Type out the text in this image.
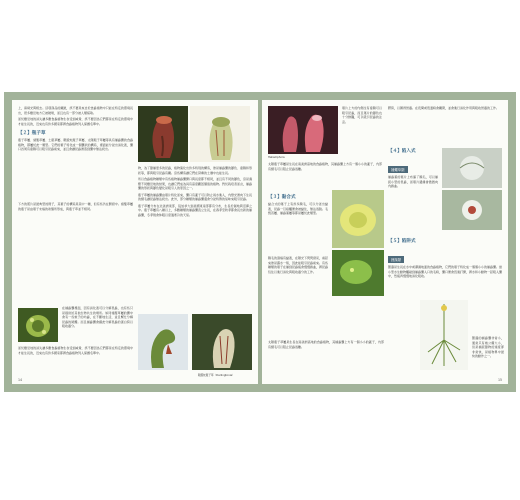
上，兩時光與相去。這項商品的藏匿，該不要是來自於食蟲植物中只能在特定的環境長出，很多棲息地方它被破壞，而且也有一部分被人類採取。

而於棲息地的消失讓多數食蟲植物生存受到威脅，該不要因為它們都是在特定的環境中才能生長的，近來也有許多國家都將食蟲植物列入保護名單中。

【２】瓶子草

瓶子草屬、豬籠草屬、土瓶草屬、眼鏡蛇瓶子草屬、太陽瓶子草屬等具有捕蟲囊的食蟲植物，都屬於此一類型。它們的葉子特化成一個囊狀的構造，裡面能分泌出消化液，囊口四周有蜜腺可以吸引昆蟲前來，並且會讓昆蟲滑落到囊中無法爬出。

下方的照片是最典型的例子，其葉子的構造是其中一種，但有些仍在開發中。豬籠草屬的瓶子是由葉子末端的卷鬚所形成，與瓶子草並不相同。

在捕蟲囊裡面，因有消化液可以分解昆蟲，也有些只是提供給其他生物共生的場所。如同豬籠草屬的囊中會有一些蚊子的幼蟲，在不斷地生活，並且幫忙分解昆蟲的屍體。而且捕蟲囊會藉此分解昆蟲的蛋白質以吸收養分。

而於棲息地的消失讓多數食蟲植物生存受到威脅，該不要因為它們都是在特定的環境中才能生長的，近來也有許多國家都將食蟲植物列入保護名單中。

物，為了獵捕更多的昆蟲，植物演化出許多特別的構造，像是捕蟲囊的顏色、蜜腺和形狀等，都與吸引昆蟲有關。這些構造讓它們在貧瘠的土壤中也能生長。

所以食蟲植物種類中有些植物捕蟲囊開口與長度都不相同，並且有不同的顏色，這是適應不同棲息地的結果，也讓它們成為具有高度觀賞價值的植物。對於栽培者而言，捕蟲囊的形狀與顏色變化是吸引人的原因之一。

瓶子草屬的捕蟲囊由葉片特化而來，囊口有蓋子可以防止雨水進入，內壁光滑向下生長的細毛讓昆蟲無法爬出。此外，部分種類的捕蟲囊還會分泌特殊的氣味來吸引昆蟲。

瓶子草屬分布在北美洲東部，從加拿大到美國東南部都有分布，生長於濕地與沼澤之中。瓶子草屬有八種以上，多數種類的捕蟲囊直立生長，在春季至秋季都會長出新的捕蟲囊，冬季則會休眠以度過寒冷的天氣。

眼鏡蛇瓶子草（Darlingtonia）
14
Heliamphora

葉片上方的內側生有蜜腺可以吸引昆蟲，而且葉片的顏色也十分鮮豔，可以吸引昆蟲的注意。

太陽瓶子草屬是生長在南美洲高地的食蟲植物，其捕蟲囊上方有一個小小的蓋子，內部有細毛可以阻止昆蟲逃離。

【３】黏合式

黏合式的葉子上有許多腺毛，可以分泌出黏液，昆蟲一旦接觸便會被黏住，無法逃脫。毛氈苔屬、捕蟲堇屬等都是屬於此類型。

腺毛的頂端有黏液，在陽光下閃閃發亮，看起來像是露水一般，因此能吸引昆蟲前來。有些種類的葉子在捕到昆蟲後會慢慢捲曲，將昆蟲包住以進行消化與吸收養分的工作。

太陽瓶子草屬是生長在南美洲高地的食蟲植物，其捕蟲囊上方有一個小小的蓋子，內部有細毛可以阻止昆蟲逃離。

膠質，以獲得營養。在夜間或低溫時會關閉，並會進行消化作用與吸收營養的工作。

【４】陷入式
捕蠅草類

捕蟲堇的葉片上布滿了腺毛，可以捕捉小型的昆蟲，而葉片邊緣會微微向內捲曲。

【５】陷阱式
狸藻類

狸藻是生長在水中或潮濕地面的食蟲植物，它們的葉子特化成一個個小小的捕蟲囊。當小型水生動物觸碰到捕蟲囊入口的毛時，囊口便會迅速打開，將水和小動物一起吸入囊中，然後再慢慢地消化吸收。

狸藻的捕蟲囊非常小，通常只有幾公釐大小，但是捕捉獵物的速度卻非常快，是植物界中最快的動作之一。

15
